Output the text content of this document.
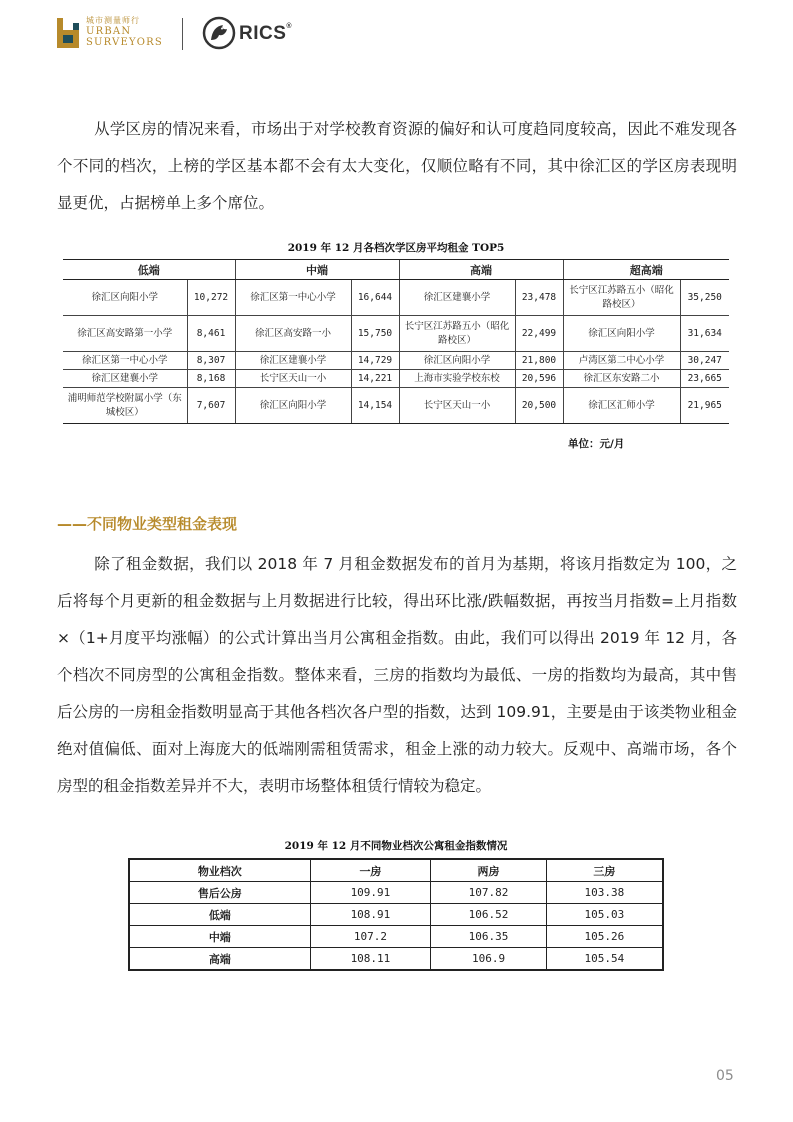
城市测量师行
URBAN
SURVEYORS	RICS®

从学区房的情况来看，市场出于对学校教育资源的偏好和认可度趋同度较高，因此不难发现各个不同的档次，上榜的学区基本都不会有太大变化，仅顺位略有不同，其中徐汇区的学区房表现明显更优，占据榜单上多个席位。

2019 年 12 月各档次学区房平均租金 TOP5
低端		中端		高端		超高端	
徐汇区向阳小学	10,272	徐汇区第一中心小学	16,644	徐汇区建襄小学	23,478	长宁区江苏路五小（昭化路校区）	35,250
徐汇区高安路第一小学	8,461	徐汇区高安路一小	15,750	长宁区江苏路五小（昭化路校区）	22,499	徐汇区向阳小学	31,634
徐汇区第一中心小学	8,307	徐汇区建襄小学	14,729	徐汇区向阳小学	21,800	卢湾区第二中心小学	30,247
徐汇区建襄小学	8,168	长宁区天山一小	14,221	上海市实验学校东校	20,596	徐汇区东安路二小	23,665
浦明师范学校附属小学（东城校区）	7,607	徐汇区向阳小学	14,154	长宁区天山一小	20,500	徐汇区汇师小学	21,965
单位：元/月
——不同物业类型租金表现

除了租金数据，我们以 2018 年 7 月租金数据发布的首月为基期，将该月指数定为 100，之后将每个月更新的租金数据与上月数据进行比较，得出环比涨/跌幅数据，再按当月指数=上月指数×（1+月度平均涨幅）的公式计算出当月公寓租金指数。由此，我们可以得出 2019 年 12 月，各个档次不同房型的公寓租金指数。整体来看，三房的指数均为最低、一房的指数均为最高，其中售后公房的一房租金指数明显高于其他各档次各户型的指数，达到 109.91，主要是由于该类物业租金绝对值偏低、面对上海庞大的低端刚需租赁需求，租金上涨的动力较大。反观中、高端市场，各个房型的租金指数差异并不大，表明市场整体租赁行情较为稳定。

2019 年 12 月不同物业档次公寓租金指数情况
物业档次	一房	两房	三房
售后公房	109.91	107.82	103.38
低端	108.91	106.52	105.03
中端	107.2	106.35	105.26
高端	108.11	106.9	105.54
05
